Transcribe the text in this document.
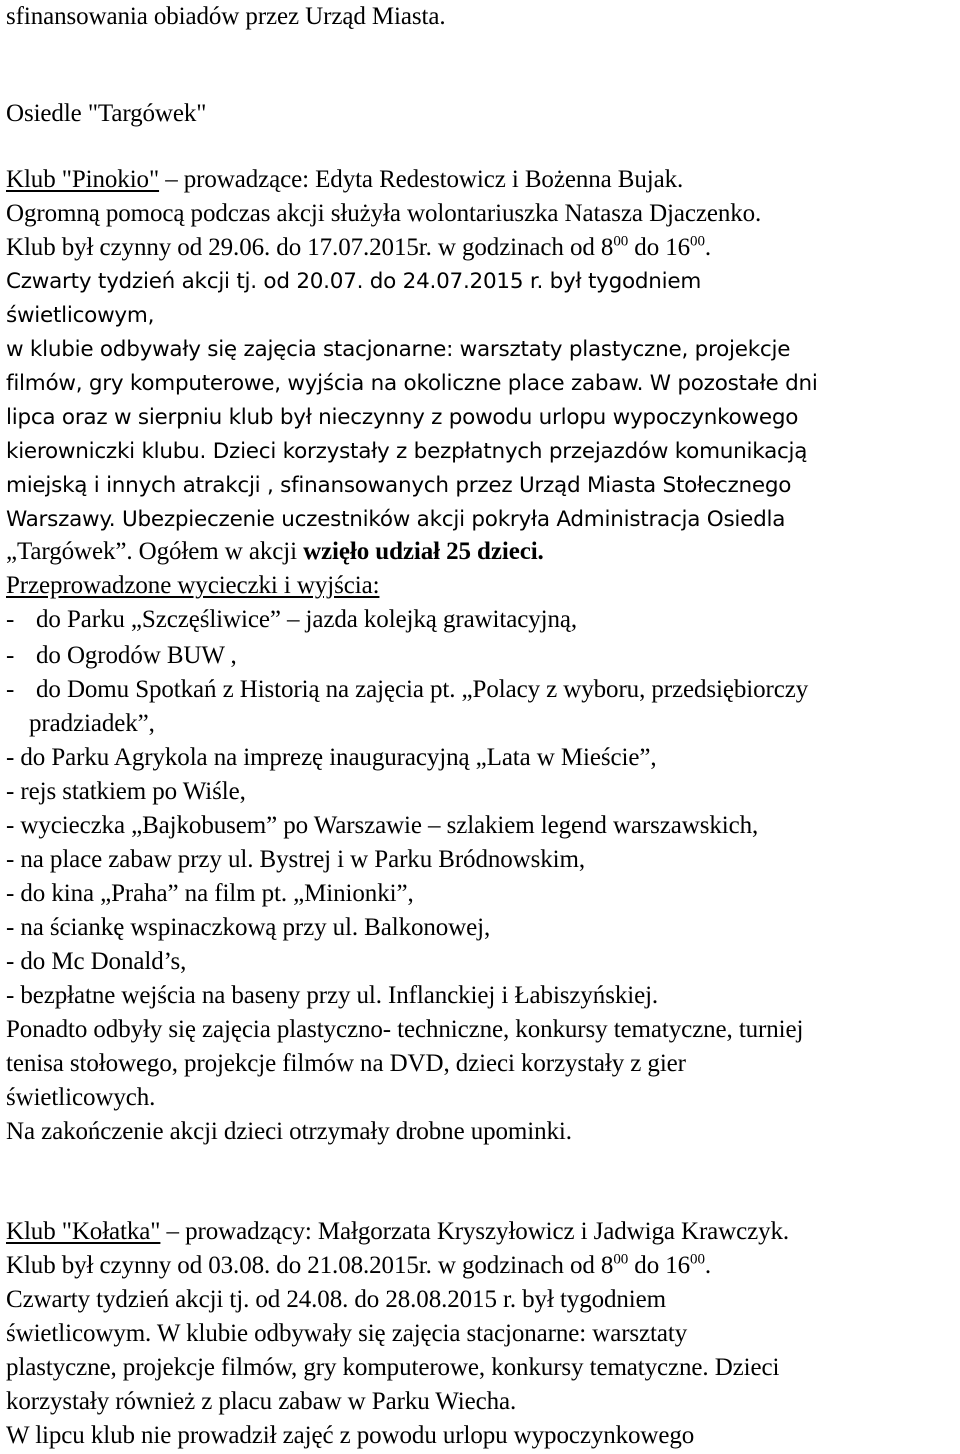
sfinansowania obiadów przez Urząd Miasta.
Osiedle "Targówek"
Klub "Pinokio" – prowadzące: Edyta Redestowicz i Bożenna Bujak.
Ogromną pomocą podczas akcji służyła wolontariuszka Natasza Djaczenko.
Klub był czynny od 29.06. do 17.07.2015r. w godzinach od $8^{00}$ do $16^{00}$.
Czwarty tydzień akcji tj. od 20.07. do 24.07.2015 r. był tygodniem
świetlicowym,
w klubie odbywały się zajęcia stacjonarne: warsztaty plastyczne, projekcje
filmów, gry komputerowe, wyjścia na okoliczne place zabaw. W pozostałe dni
lipca oraz w sierpniu klub był nieczynny z powodu urlopu wypoczynkowego
kierowniczki klubu. Dzieci korzystały z bezpłatnych przejazdów komunikacją
miejską i innych atrakcji , sfinansowanych przez Urząd Miasta Stołecznego
Warszawy. Ubezpieczenie uczestników akcji pokryła Administracja Osiedla
„Targówek”. Ogółem w akcji wzięło udział 25 dzieci.
Przeprowadzone wycieczki i wyjścia:
- do Parku „Szczęśliwice” – jazda kolejką grawitacyjną,
- do Ogrodów BUW ,
- do Domu Spotkań z Historią na zajęcia pt. „Polacy z wyboru, przedsiębiorczy
pradziadek”,
- do Parku Agrykola na imprezę inauguracyjną „Lata w Mieście”,
- rejs statkiem po Wiśle,
- wycieczka „Bajkobusem” po Warszawie – szlakiem legend warszawskich,
- na place zabaw przy ul. Bystrej i w Parku Bródnowskim,
- do kina „Praha” na film pt. „Minionki”,
- na ściankę wspinaczkową przy ul. Balkonowej,
- do Mc Donald’s,
- bezpłatne wejścia na baseny przy ul. Inflanckiej i Łabiszyńskiej.
Ponadto odbyły się zajęcia plastyczno- techniczne, konkursy tematyczne, turniej
tenisa stołowego, projekcje filmów na DVD, dzieci korzystały z gier
świetlicowych.
Na zakończenie akcji dzieci otrzymały drobne upominki.
Klub "Kołatka" – prowadzący: Małgorzata Kryszyłowicz i Jadwiga Krawczyk.
Klub był czynny od 03.08. do 21.08.2015r. w godzinach od $8^{00}$ do $16^{00}$.
Czwarty tydzień akcji tj. od 24.08. do 28.08.2015 r. był tygodniem
świetlicowym. W klubie odbywały się zajęcia stacjonarne: warsztaty
plastyczne, projekcje filmów, gry komputerowe, konkursy tematyczne. Dzieci
korzystały również z placu zabaw w Parku Wiecha.
W lipcu klub nie prowadził zajęć z powodu urlopu wypoczynkowego
